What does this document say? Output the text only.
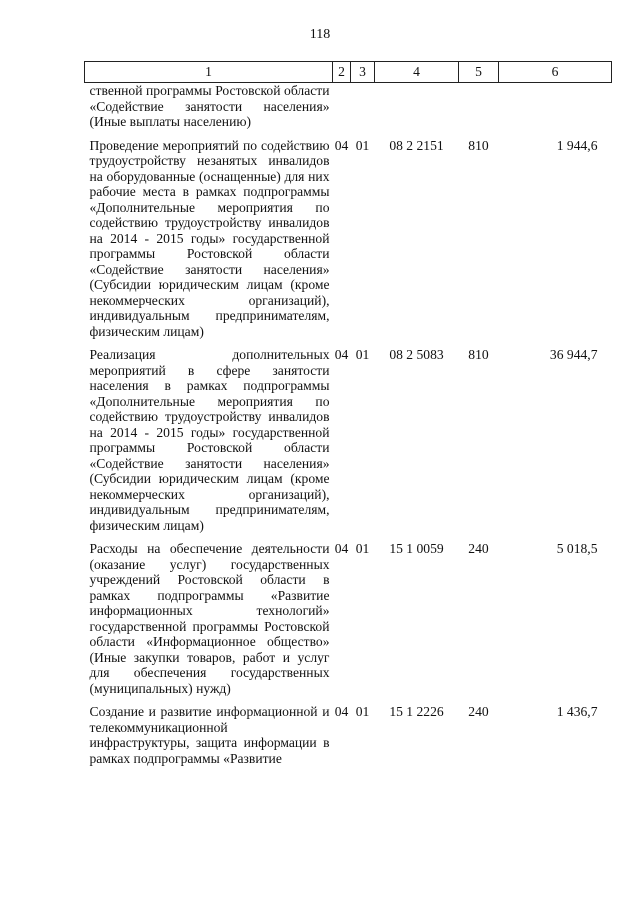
118
1	2	3	4	5	6
ственной программы Ростовской области «Содействие занятости населения» (Иные выплаты населению)					
Проведение мероприятий по содействию трудоустройству незанятых инвалидов на оборудованные (оснащенные) для них рабочие места в рамках подпрограммы «Дополнительные мероприятия по содействию трудоустройству инвалидов на 2014 - 2015 годы» государственной программы Ростовской области «Содействие занятости населения» (Субсидии юридическим лицам (кроме некоммерческих организаций), индивидуальным предпринимателям, физическим лицам)	04	01	08 2 2151	810	1 944,6
Реализация дополнительных мероприятий в сфере занятости населения в рамках подпрограммы «Дополнительные мероприятия по содействию трудоустройству инвалидов на 2014 - 2015 годы» государственной программы Ростовской области «Содействие занятости населения» (Субсидии юридическим лицам (кроме некоммерческих организаций), индивидуальным предпринимателям, физическим лицам)	04	01	08 2 5083	810	36 944,7
Расходы на обеспечение деятельности (оказание услуг) государственных учреждений Ростовской области в рамках подпрограммы «Развитие информационных технологий» государственной программы Ростовской области «Информационное общество» (Иные закупки товаров, работ и услуг для обеспечения государственных (муниципальных) нужд)	04	01	15 1 0059	240	5 018,5
Создание и развитие информационной и телекоммуникационной инфраструктуры, защита информации в рамках подпрограммы «Развитие	04	01	15 1 2226	240	1 436,7
